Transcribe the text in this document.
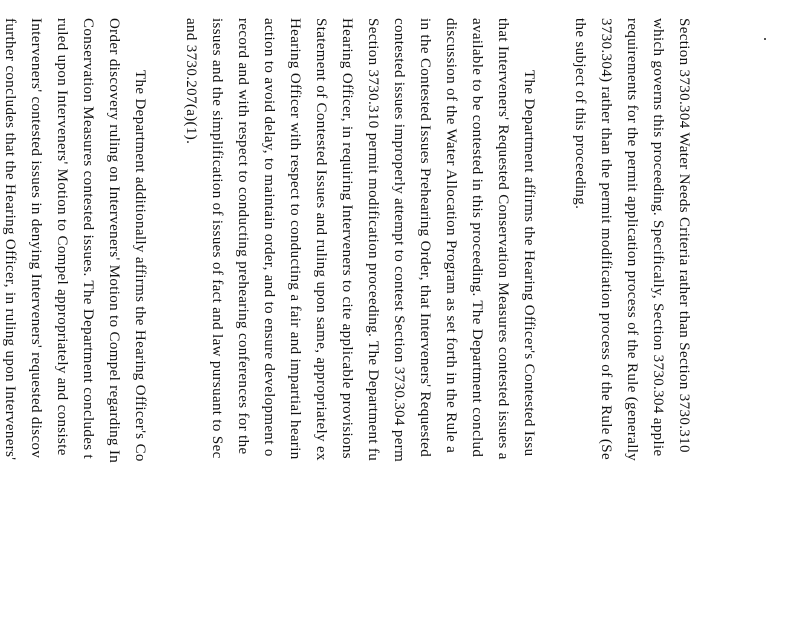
Section 3730.304 Water Needs Criteria rather than Section 3730.310
which governs this proceeding. Specifically, Section 3730.304 applie
requirements for the permit application process of the Rule (generally
3730.304) rather than the permit modification process of the Rule (Se
the subject of this proceeding.
The Department affirms the Hearing Officer's Contested Issu
that Interveners' Requested Conservation Measures contested issues a
available to be contested in this proceeding. The Department conclud
discussion of the Water Allocation Program as set forth in the Rule a
in the Contested Issues Prehearing Order, that Interveners' Requested
contested issues improperly attempt to contest Section 3730.304 perm
Section 3730.310 permit modification proceeding. The Department fu
Hearing Officer, in requiring Interveners to cite applicable provisions
Statement of Contested Issues and ruling upon same, appropriately ex
Hearing Officer with respect to conducting a fair and impartial hearin
action to avoid delay, to maintain order, and to ensure development o
record and with respect to conducting prehearing conferences for the
issues and the simplification of issues of fact and law pursuant to Sec
and 3730.207(a)(1).
The Department additionally affirms the Hearing Officer's Co
Order discovery ruling on Interveners' Motion to Compel regarding In
Conservation Measures contested issues. The Department concludes t
ruled upon Interveners' Motion to Compel appropriately and consiste
Interveners' contested issues in denying Interveners' requested discov
further concludes that the Hearing Officer, in ruling upon Interveners'
